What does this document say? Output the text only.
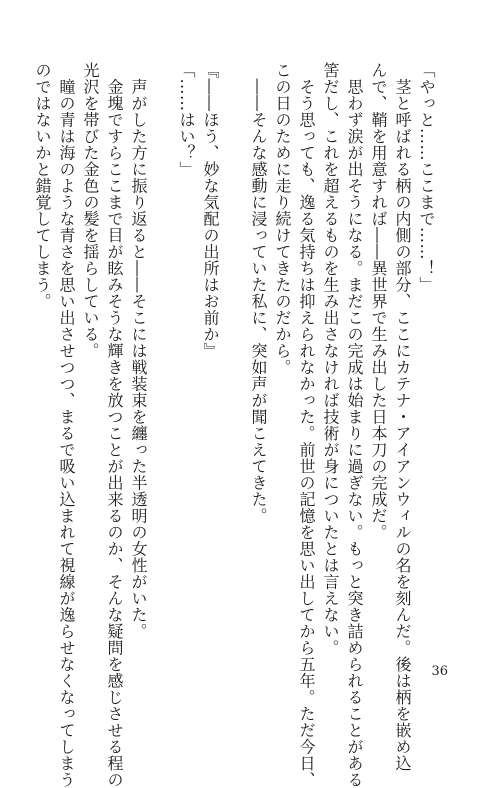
「やっと……ここまで……！」

　茎と呼ばれる柄の内側の部分、ここにカテナ・アイアンウィルの名を刻んだ。後は柄を嵌め込

んで、鞘を用意すれば――異世界で生み出した日本刀の完成だ。

　思わず涙が出そうになる。まだこの完成は始まりに過ぎない。もっと突き詰められることがある

筈だし、これを超えるものを生み出さなければ技術が身についたとは言えない。

　そう思っても、逸る気持ちは抑えられなかった。前世の記憶を思い出してから五年。ただ今日、

この日のために走り続けてきたのだから。

　――そんな感動に浸っていた私に、突如声が聞こえてきた。

『――ほう、妙な気配の出所はお前か』

「……はい？」

　声がした方に振り返ると――そこには戦装束を纏った半透明の女性がいた。

　金塊ですらここまで目が眩みそうな輝きを放つことが出来るのか、そんな疑問を感じさせる程の

光沢を帯びた金色の髪を揺らしている。

　瞳の青は海のような青さを思い出させつつ、まるで吸い込まれて視線が逸らせなくなってしまう

のではないかと錯覚してしまう。

36
